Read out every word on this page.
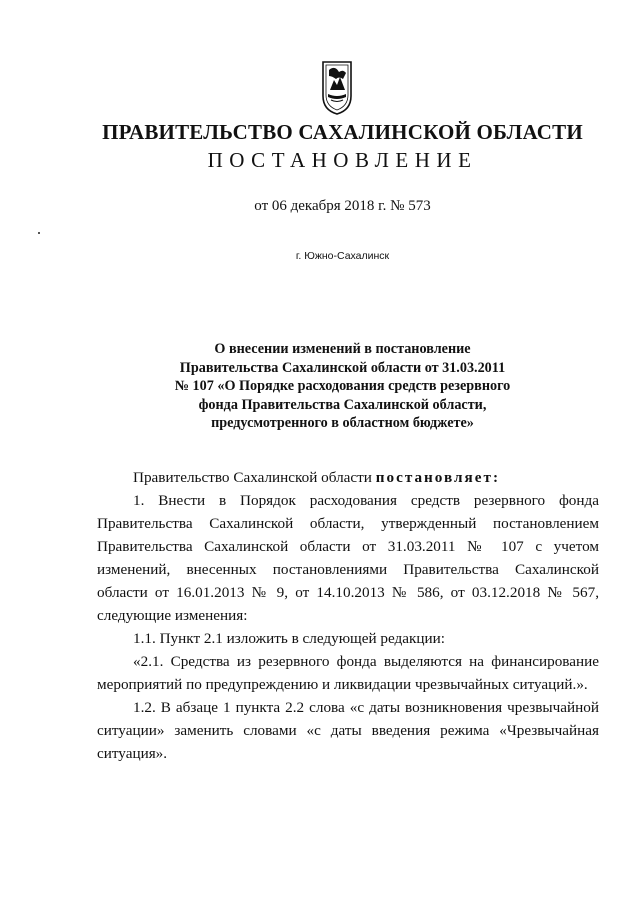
ПРАВИТЕЛЬСТВО САХАЛИНСКОЙ ОБЛАСТИ
ПОСТАНОВЛЕНИЕ
от 06 декабря 2018 г. № 573
г. Южно-Сахалинск
О внесении изменений в постановление
Правительства Сахалинской области от 31.03.2011
№ 107 «О Порядке расходования средств резервного
фонда Правительства Сахалинской области,
предусмотренного в областном бюджете»

Правительство Сахалинской области постановляет:

1. Внести в Порядок расходования средств резервного фонда Правительства Сахалинской области, утвержденный постановлением Правительства Сахалинской области от 31.03.2011 № 107 с учетом изменений, внесенных постановлениями Правительства Сахалинской области от 16.01.2013 № 9, от 14.10.2013 № 586, от 03.12.2018 № 567, следующие изменения:

1.1. Пункт 2.1 изложить в следующей редакции:

«2.1. Средства из резервного фонда выделяются на финансирование мероприятий по предупреждению и ликвидации чрезвычайных ситуаций.».

1.2. В абзаце 1 пункта 2.2 слова «с даты возникновения чрезвычайной ситуации» заменить словами «с даты введения режима «Чрезвычайная ситуация».
